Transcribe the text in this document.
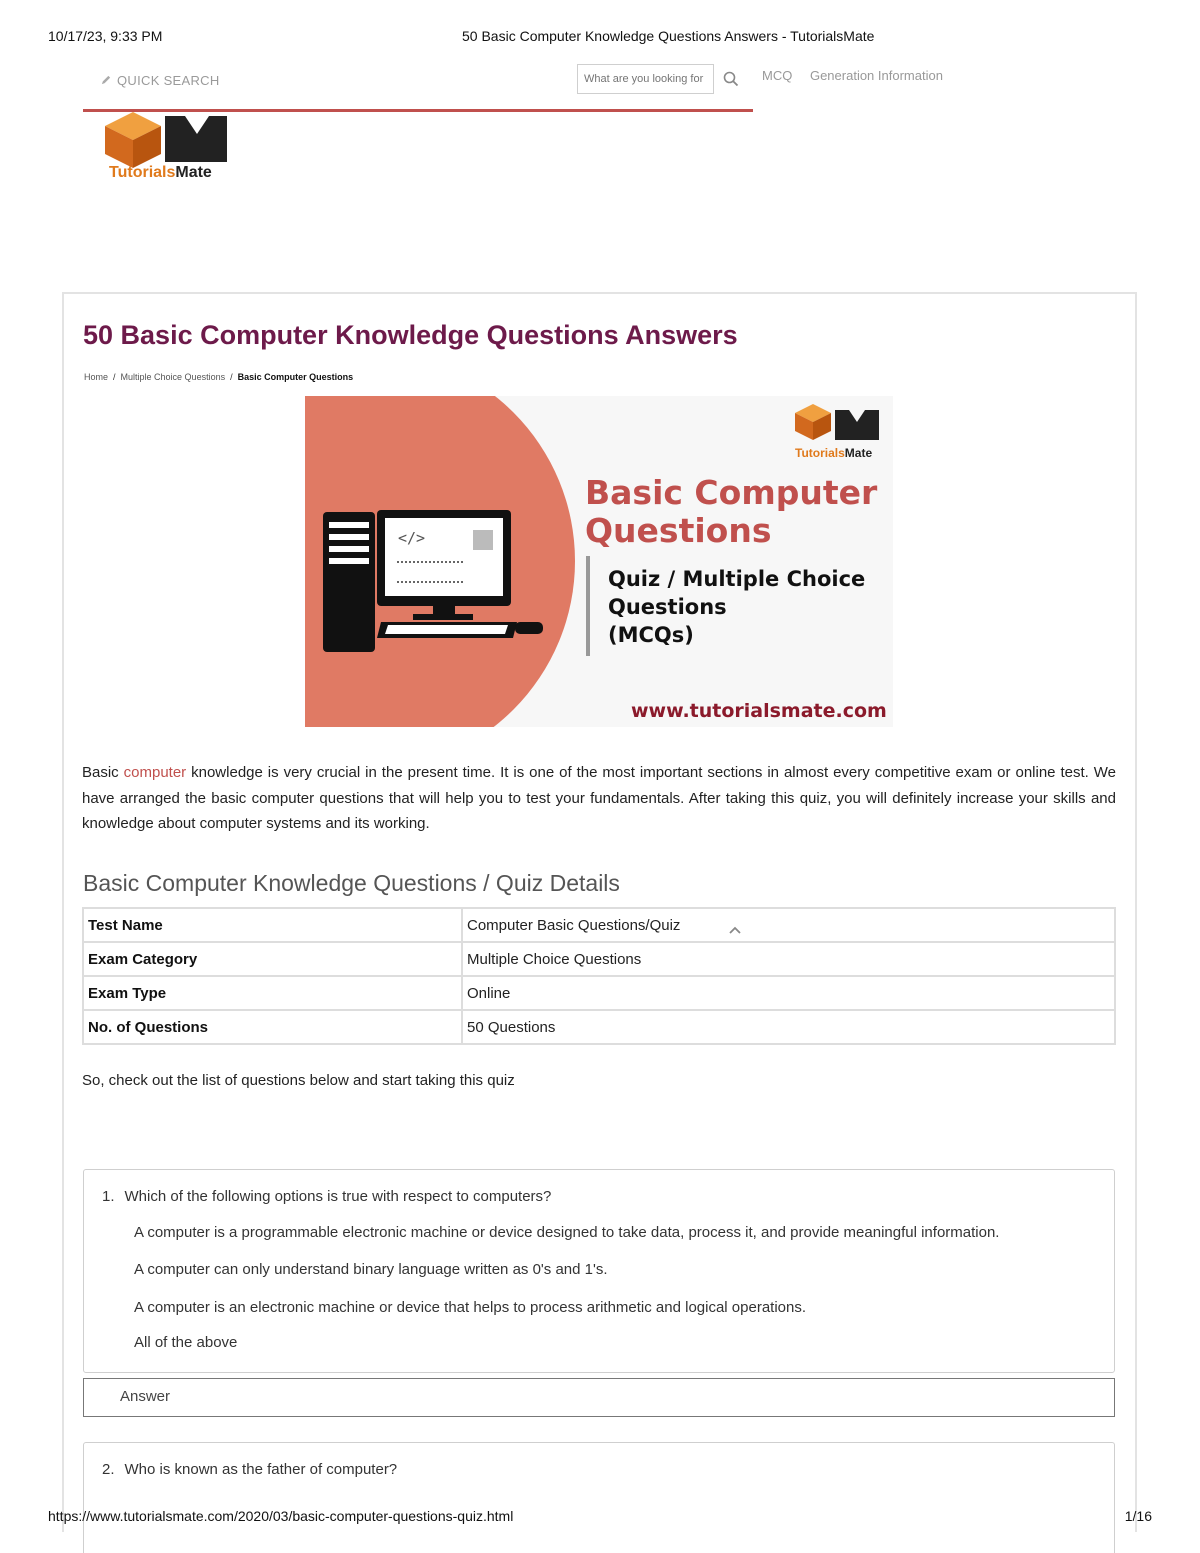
10/17/23, 9:33 PM	50 Basic Computer Knowledge Questions Answers - TutorialsMate
QUICK SEARCH
What are you looking for	MCQ Generation Information
TutorialsMate
50 Basic Computer Knowledge Questions Answers
Home / Multiple Choice Questions / Basic Computer Questions
</>
TutorialsMate
Basic Computer
Questions
Quiz / Multiple Choice
Questions
(MCQs)
www.tutorialsmate.com

Basic computer knowledge is very crucial in the present time. It is one of the most important sections in almost every competitive exam or online test. We have arranged the basic computer questions that will help you to test your fundamentals. After taking this quiz, you will definitely increase your skills and knowledge about computer systems and its working.

Basic Computer Knowledge Questions / Quiz Details
Test Name	Computer Basic Questions/Quiz
Exam Category	Multiple Choice Questions
Exam Type	Online
No. of Questions	50 Questions

So, check out the list of questions below and start taking this quiz

1. Which of the following options is true with respect to computers?
A computer is a programmable electronic machine or device designed to take data, process it, and provide meaningful information.
A computer can only understand binary language written as 0's and 1's.
A computer is an electronic machine or device that helps to process arithmetic and logical operations.
All of the above
Answer
2. Who is known as the father of computer?
https://www.tutorialsmate.com/2020/03/basic-computer-questions-quiz.html	1/16
